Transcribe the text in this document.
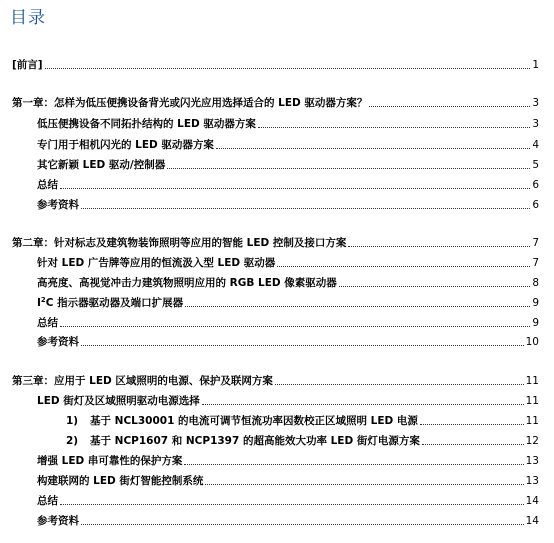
目录
[前言]	1
第一章：怎样为低压便携设备背光或闪光应用选择适合的 LED 驱动器方案？	3
低压便携设备不同拓扑结构的 LED 驱动器方案	3
专门用于相机闪光的 LED 驱动器方案	4
其它新颖 LED 驱动/控制器	5
总结	6
参考资料	6
第二章：针对标志及建筑物装饰照明等应用的智能 LED 控制及接口方案	7
针对 LED 广告牌等应用的恒流汲入型 LED 驱动器	7
高亮度、高视觉冲击力建筑物照明应用的 RGB LED 像素驱动器	8
$I^2C$ 指示器驱动器及端口扩展器	9
总结	9
参考资料	10
第三章：应用于 LED 区域照明的电源、保护及联网方案	11
LED 街灯及区域照明驱动电源选择	11
1) 基于 NCL30001 的电流可调节恒流功率因数校正区域照明 LED 电源	11
2) 基于 NCP1607 和 NCP1397 的超高能效大功率 LED 街灯电源方案	12
增强 LED 串可靠性的保护方案	13
构建联网的 LED 街灯智能控制系统	13
总结	14
参考资料	14
